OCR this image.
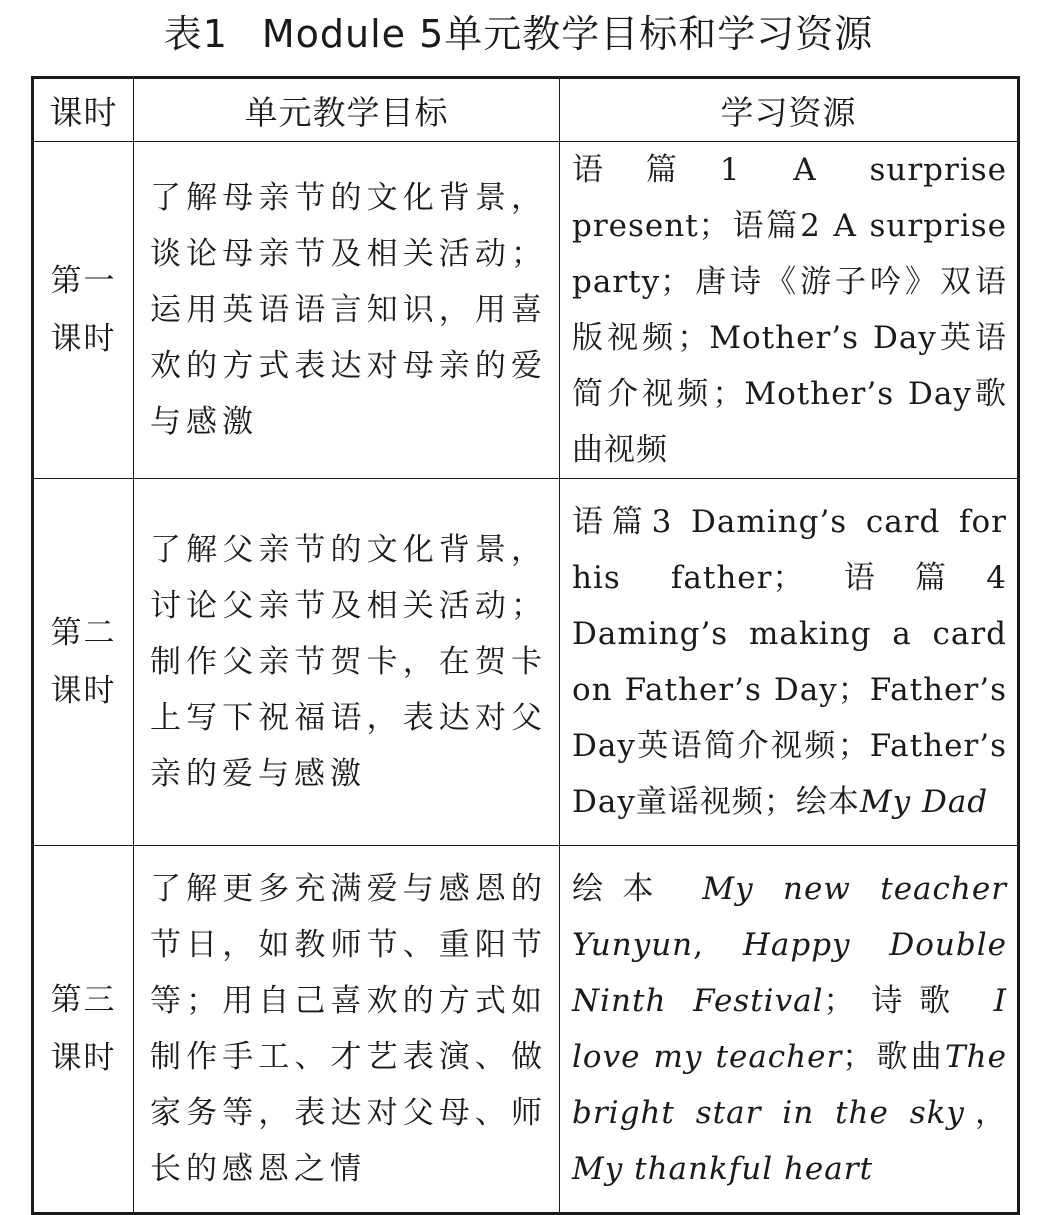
表1 Module 5单元教学目标和学习资源
课时	单元教学目标	学习资源
第一
课时	了解母亲节的文化背景，谈论母亲节及相关活动；运用英语语言知识，用喜欢的方式表达对母亲的爱与感激	语篇1 A surprise present；语篇2 A surprise party；唐诗《游子吟》双语版视频；Mother’s Day英语简介视频；Mother’s Day歌曲视频
第二
课时	了解父亲节的文化背景，讨论父亲节及相关活动；制作父亲节贺卡，在贺卡上写下祝福语，表达对父亲的爱与感激	语篇3 Daming’s card for his father；语篇4 Daming’s making a card on Father’s Day；Father’s Day英语简介视频；Father’s Day童谣视频；绘本My Dad
第三
课时	了解更多充满爱与感恩的节日，如教师节、重阳节等；用自己喜欢的方式如制作手工、才艺表演、做家务等，表达对父母、师长的感恩之情	绘本 My new teacher Yunyun, Happy Double Ninth Festival；诗歌 I love my teacher；歌曲The bright star in the sky，My thankful heart
